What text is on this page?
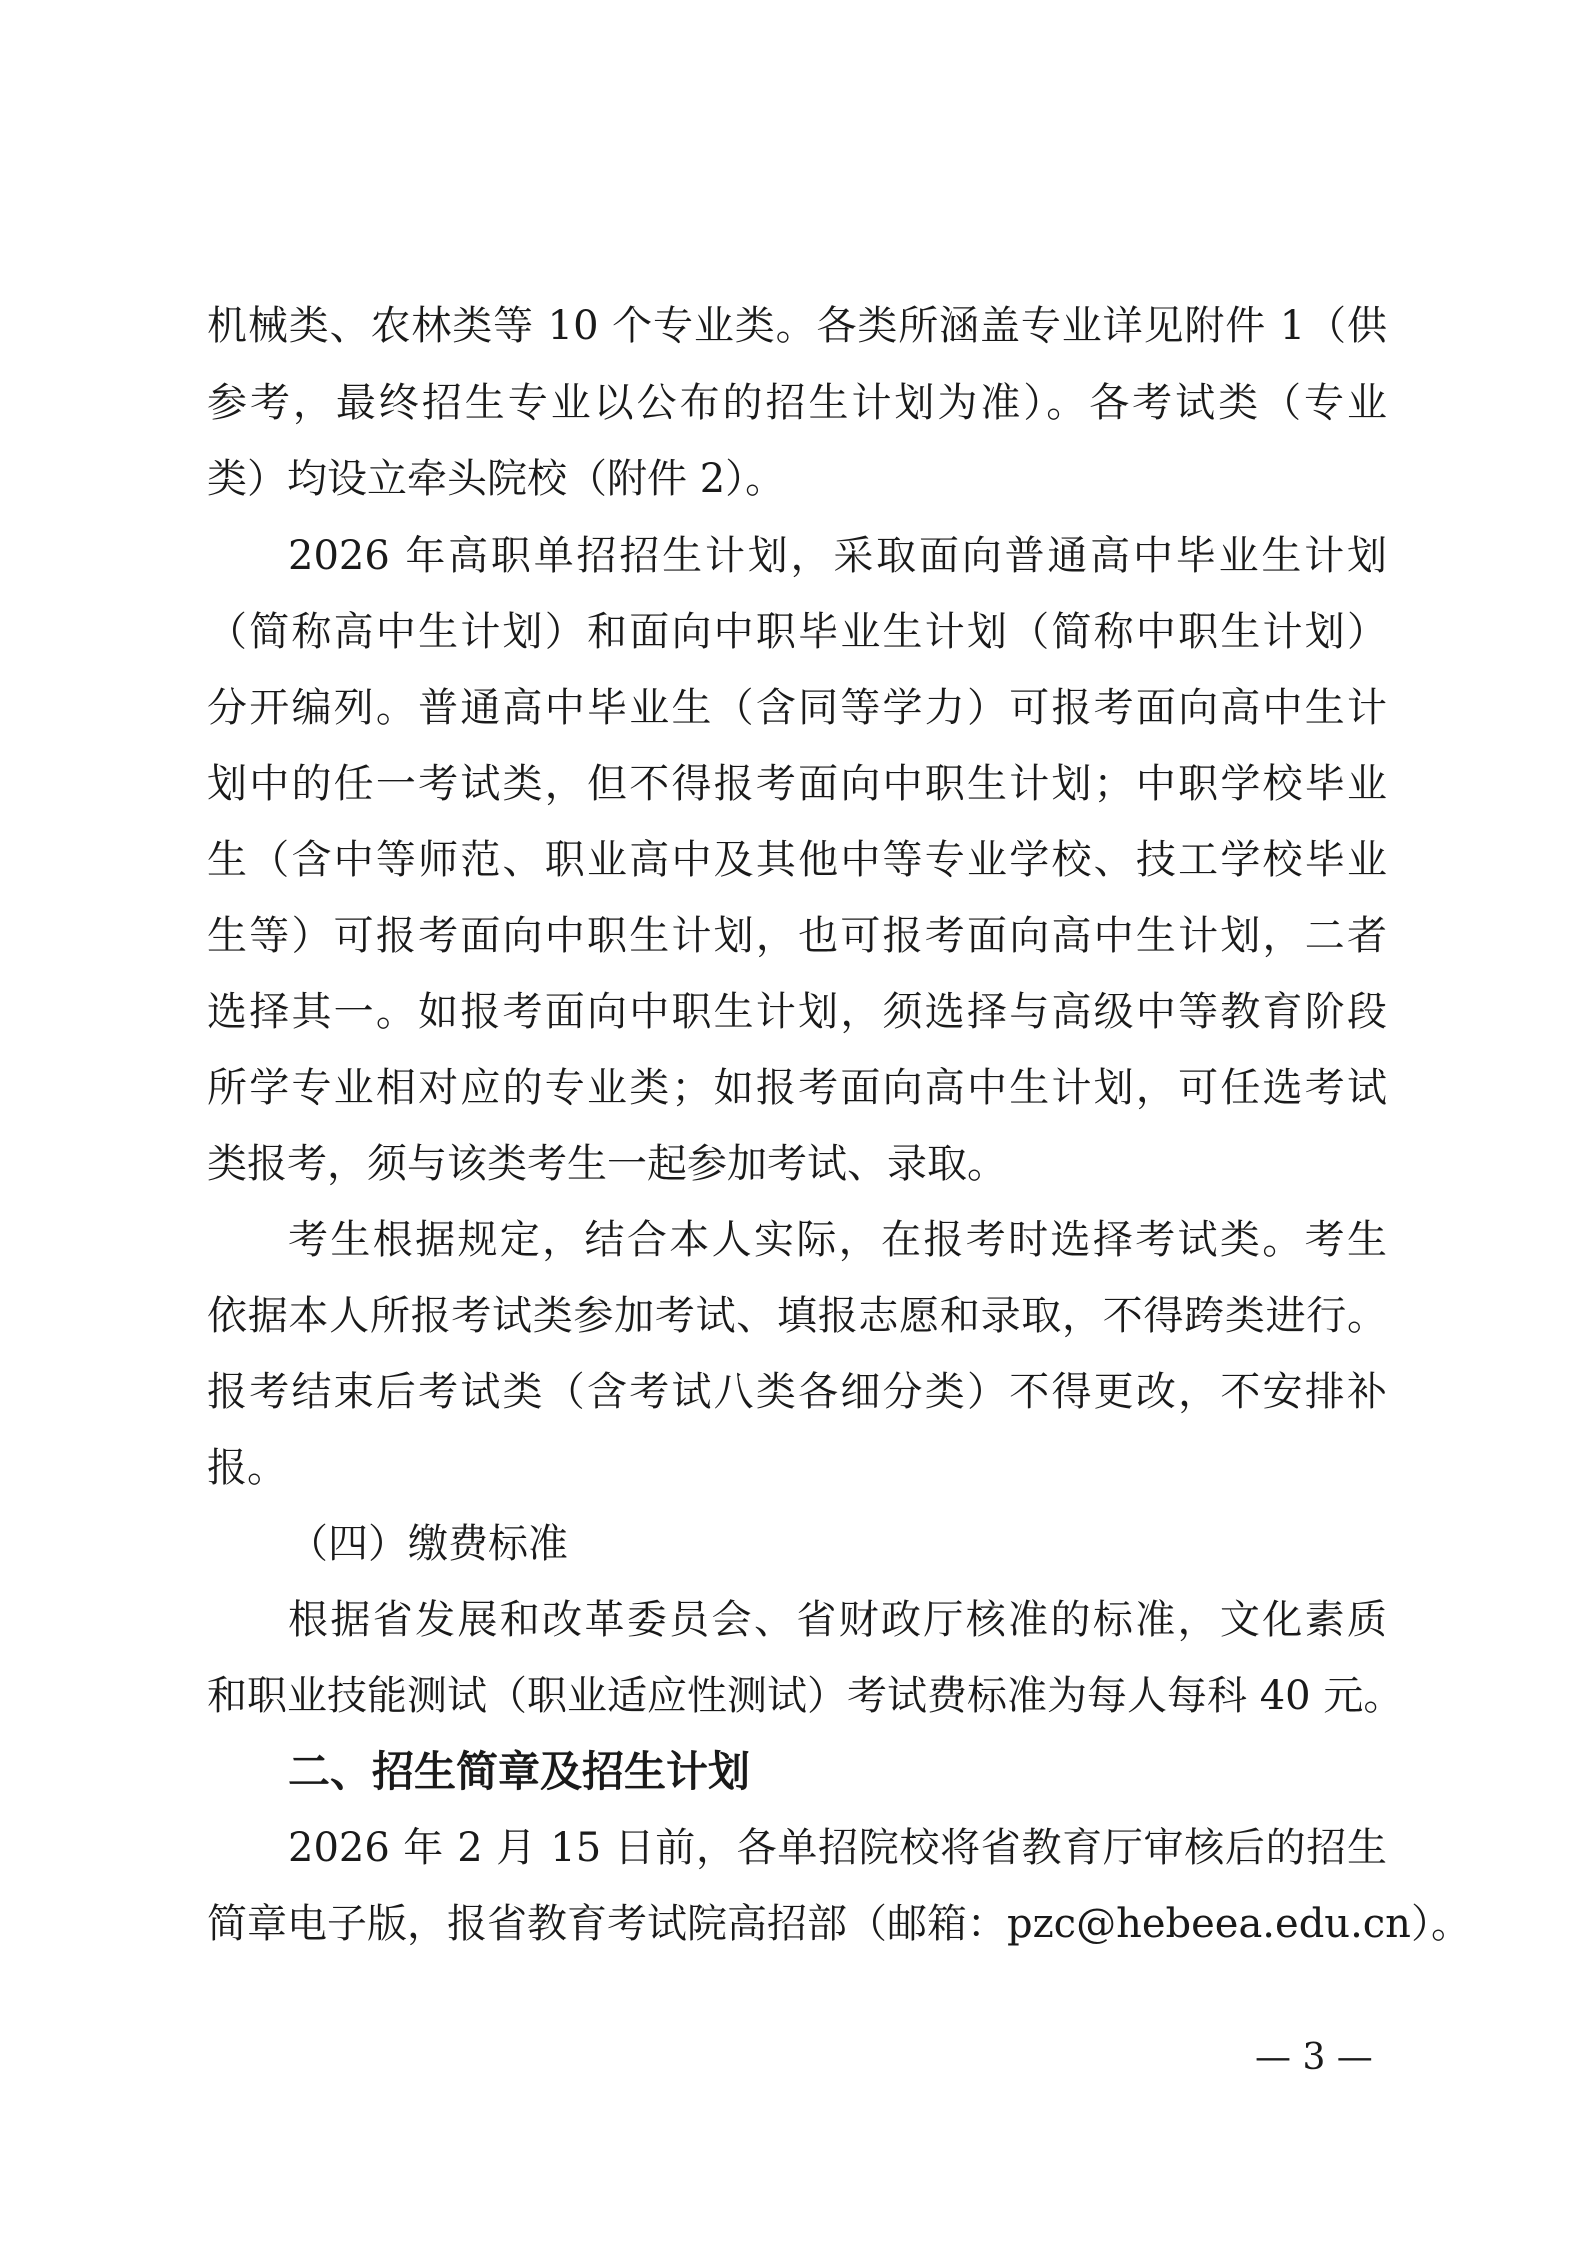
机械类、农林类等 10 个专业类。各类所涵盖专业详见附件 1（供
参考，最终招生专业以公布的招生计划为准）。各考试类（专业
类）均设立牵头院校（附件 2）。
2026 年高职单招招生计划，采取面向普通高中毕业生计划
（简称高中生计划）和面向中职毕业生计划（简称中职生计划）
分开编列。普通高中毕业生（含同等学力）可报考面向高中生计
划中的任一考试类，但不得报考面向中职生计划；中职学校毕业
生（含中等师范、职业高中及其他中等专业学校、技工学校毕业
生等）可报考面向中职生计划，也可报考面向高中生计划，二者
选择其一。如报考面向中职生计划，须选择与高级中等教育阶段
所学专业相对应的专业类；如报考面向高中生计划，可任选考试
类报考，须与该类考生一起参加考试、录取。
考生根据规定，结合本人实际，在报考时选择考试类。考生
依据本人所报考试类参加考试、填报志愿和录取，不得跨类进行。
报考结束后考试类（含考试八类各细分类）不得更改，不安排补
报。
（四）缴费标准
根据省发展和改革委员会、省财政厅核准的标准，文化素质
和职业技能测试（职业适应性测试）考试费标准为每人每科 40 元。
二、招生简章及招生计划
2026 年 2 月 15 日前，各单招院校将省教育厅审核后的招生
简章电子版，报省教育考试院高招部（邮箱：pzc@hebeea.edu.cn）。
— 3 —
